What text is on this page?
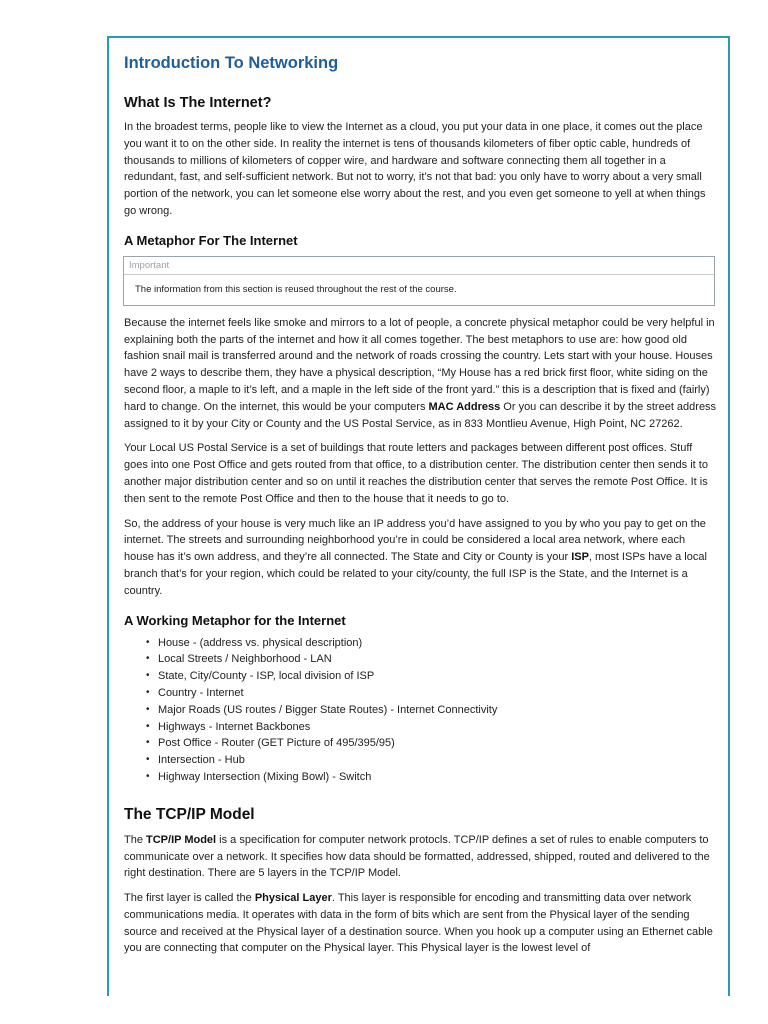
Introduction To Networking
What Is The Internet?

In the broadest terms, people like to view the Internet as a cloud, you put your data in one place, it comes out the place you want it to on the other side. In reality the internet is tens of thousands kilometers of fiber optic cable, hundreds of thousands to millions of kilometers of copper wire, and hardware and software connecting them all together in a redundant, fast, and self-sufficient network. But not to worry, it’s not that bad: you only have to worry about a very small portion of the network, you can let someone else worry about the rest, and you even get someone to yell at when things go wrong.

A Metaphor For The Internet
Important
The information from this section is reused throughout the rest of the course.

Because the internet feels like smoke and mirrors to a lot of people, a concrete physical metaphor could be very helpful in explaining both the parts of the internet and how it all comes together. The best metaphors to use are: how good old fashion snail mail is transferred around and the network of roads crossing the country. Lets start with your house. Houses have 2 ways to describe them, they have a physical description, “My House has a red brick first floor, white siding on the second floor, a maple to it’s left, and a maple in the left side of the front yard.” this is a description that is fixed and (fairly) hard to change. On the internet, this would be your computers MAC Address Or you can describe it by the street address assigned to it by your City or County and the US Postal Service, as in 833 Montlieu Avenue, High Point, NC 27262.

Your Local US Postal Service is a set of buildings that route letters and packages between different post offices. Stuff goes into one Post Office and gets routed from that office, to a distribution center. The distribution center then sends it to another major distribution center and so on until it reaches the distribution center that serves the remote Post Office. It is then sent to the remote Post Office and then to the house that it needs to go to.

So, the address of your house is very much like an IP address you’d have assigned to you by who you pay to get on the internet. The streets and surrounding neighborhood you’re in could be considered a local area network, where each house has it’s own address, and they’re all connected. The State and City or County is your ISP, most ISPs have a local branch that’s for your region, which could be related to your city/county, the full ISP is the State, and the Internet is a country.

A Working Metaphor for the Internet
• House - (address vs. physical description)
• Local Streets / Neighborhood - LAN
• State, City/County - ISP, local division of ISP
• Country - Internet
• Major Roads (US routes / Bigger State Routes) - Internet Connectivity
• Highways - Internet Backbones
• Post Office - Router (GET Picture of 495/395/95)
• Intersection - Hub
• Highway Intersection (Mixing Bowl) - Switch
The TCP/IP Model

The TCP/IP Model is a specification for computer network protocls. TCP/IP defines a set of rules to enable computers to communicate over a network. It specifies how data should be formatted, addressed, shipped, routed and delivered to the right destination. There are 5 layers in the TCP/IP Model.

The first layer is called the Physical Layer. This layer is responsible for encoding and transmitting data over network communications media. It operates with data in the form of bits which are sent from the Physical layer of the sending source and received at the Physical layer of a destination source. When you hook up a computer using an Ethernet cable you are connecting that computer on the Physical layer. This Physical layer is the lowest level of
